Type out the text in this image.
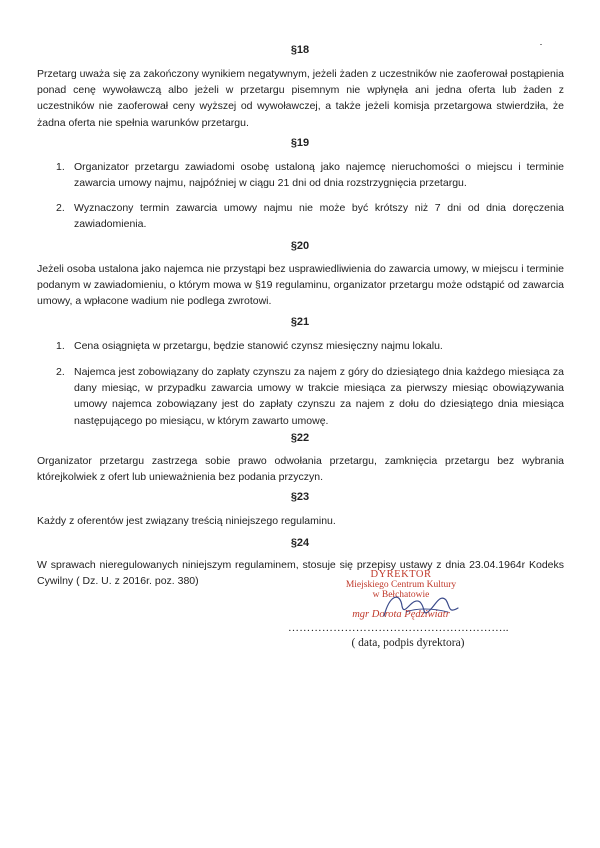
§18
Przetarg uważa się za zakończony wynikiem negatywnym, jeżeli żaden z uczestników nie zaoferował postąpienia ponad cenę wywoławczą albo jeżeli w przetargu pisemnym nie wpłynęła ani jedna oferta lub żaden z uczestników nie zaoferował ceny wyższej od wywoławczej, a także jeżeli komisja przetargowa stwierdziła, że żadna oferta nie spełnia warunków przetargu.
§19
1. Organizator przetargu zawiadomi osobę ustaloną jako najemcę nieruchomości o miejscu i terminie zawarcia umowy najmu, najpóźniej w ciągu 21 dni od dnia rozstrzygnięcia przetargu.
2. Wyznaczony termin zawarcia umowy najmu nie może być krótszy niż 7 dni od dnia doręczenia zawiadomienia.
§20
Jeżeli osoba ustalona jako najemca nie przystąpi bez usprawiedliwienia do zawarcia umowy, w miejscu i terminie podanym w zawiadomieniu, o którym mowa w §19 regulaminu, organizator przetargu może odstąpić od zawarcia umowy, a wpłacone wadium nie podlega zwrotowi.
§21
1. Cena osiągnięta w przetargu, będzie stanowić czynsz miesięczny najmu lokalu.
2. Najemca jest zobowiązany do zapłaty czynszu za najem z góry do dziesiątego dnia każdego miesiąca za dany miesiąc, w przypadku zawarcia umowy w trakcie miesiąca za pierwszy miesiąc obowiązywania umowy najemca zobowiązany jest do zapłaty czynszu za najem z dołu do dziesiątego dnia miesiąca następującego po miesiącu, w którym zawarto umowę.
§22
Organizator przetargu zastrzega sobie prawo odwołania przetargu, zamknięcia przetargu bez wybrania którejkolwiek z ofert lub unieważnienia bez podania przyczyn.
§23
Każdy z oferentów jest związany treścią niniejszego regulaminu.
§24
W sprawach nieregulowanych niniejszym regulaminem, stosuje się przepisy ustawy z dnia 23.04.1964r Kodeks Cywilny ( Dz. U. z 2016r. poz. 380)
DYREKTOR
Miejskiego Centrum Kultury
w Bełchatowie
mgr Dorota Pędziwiatr
…………………………………………………..
( data, podpis dyrektora)
